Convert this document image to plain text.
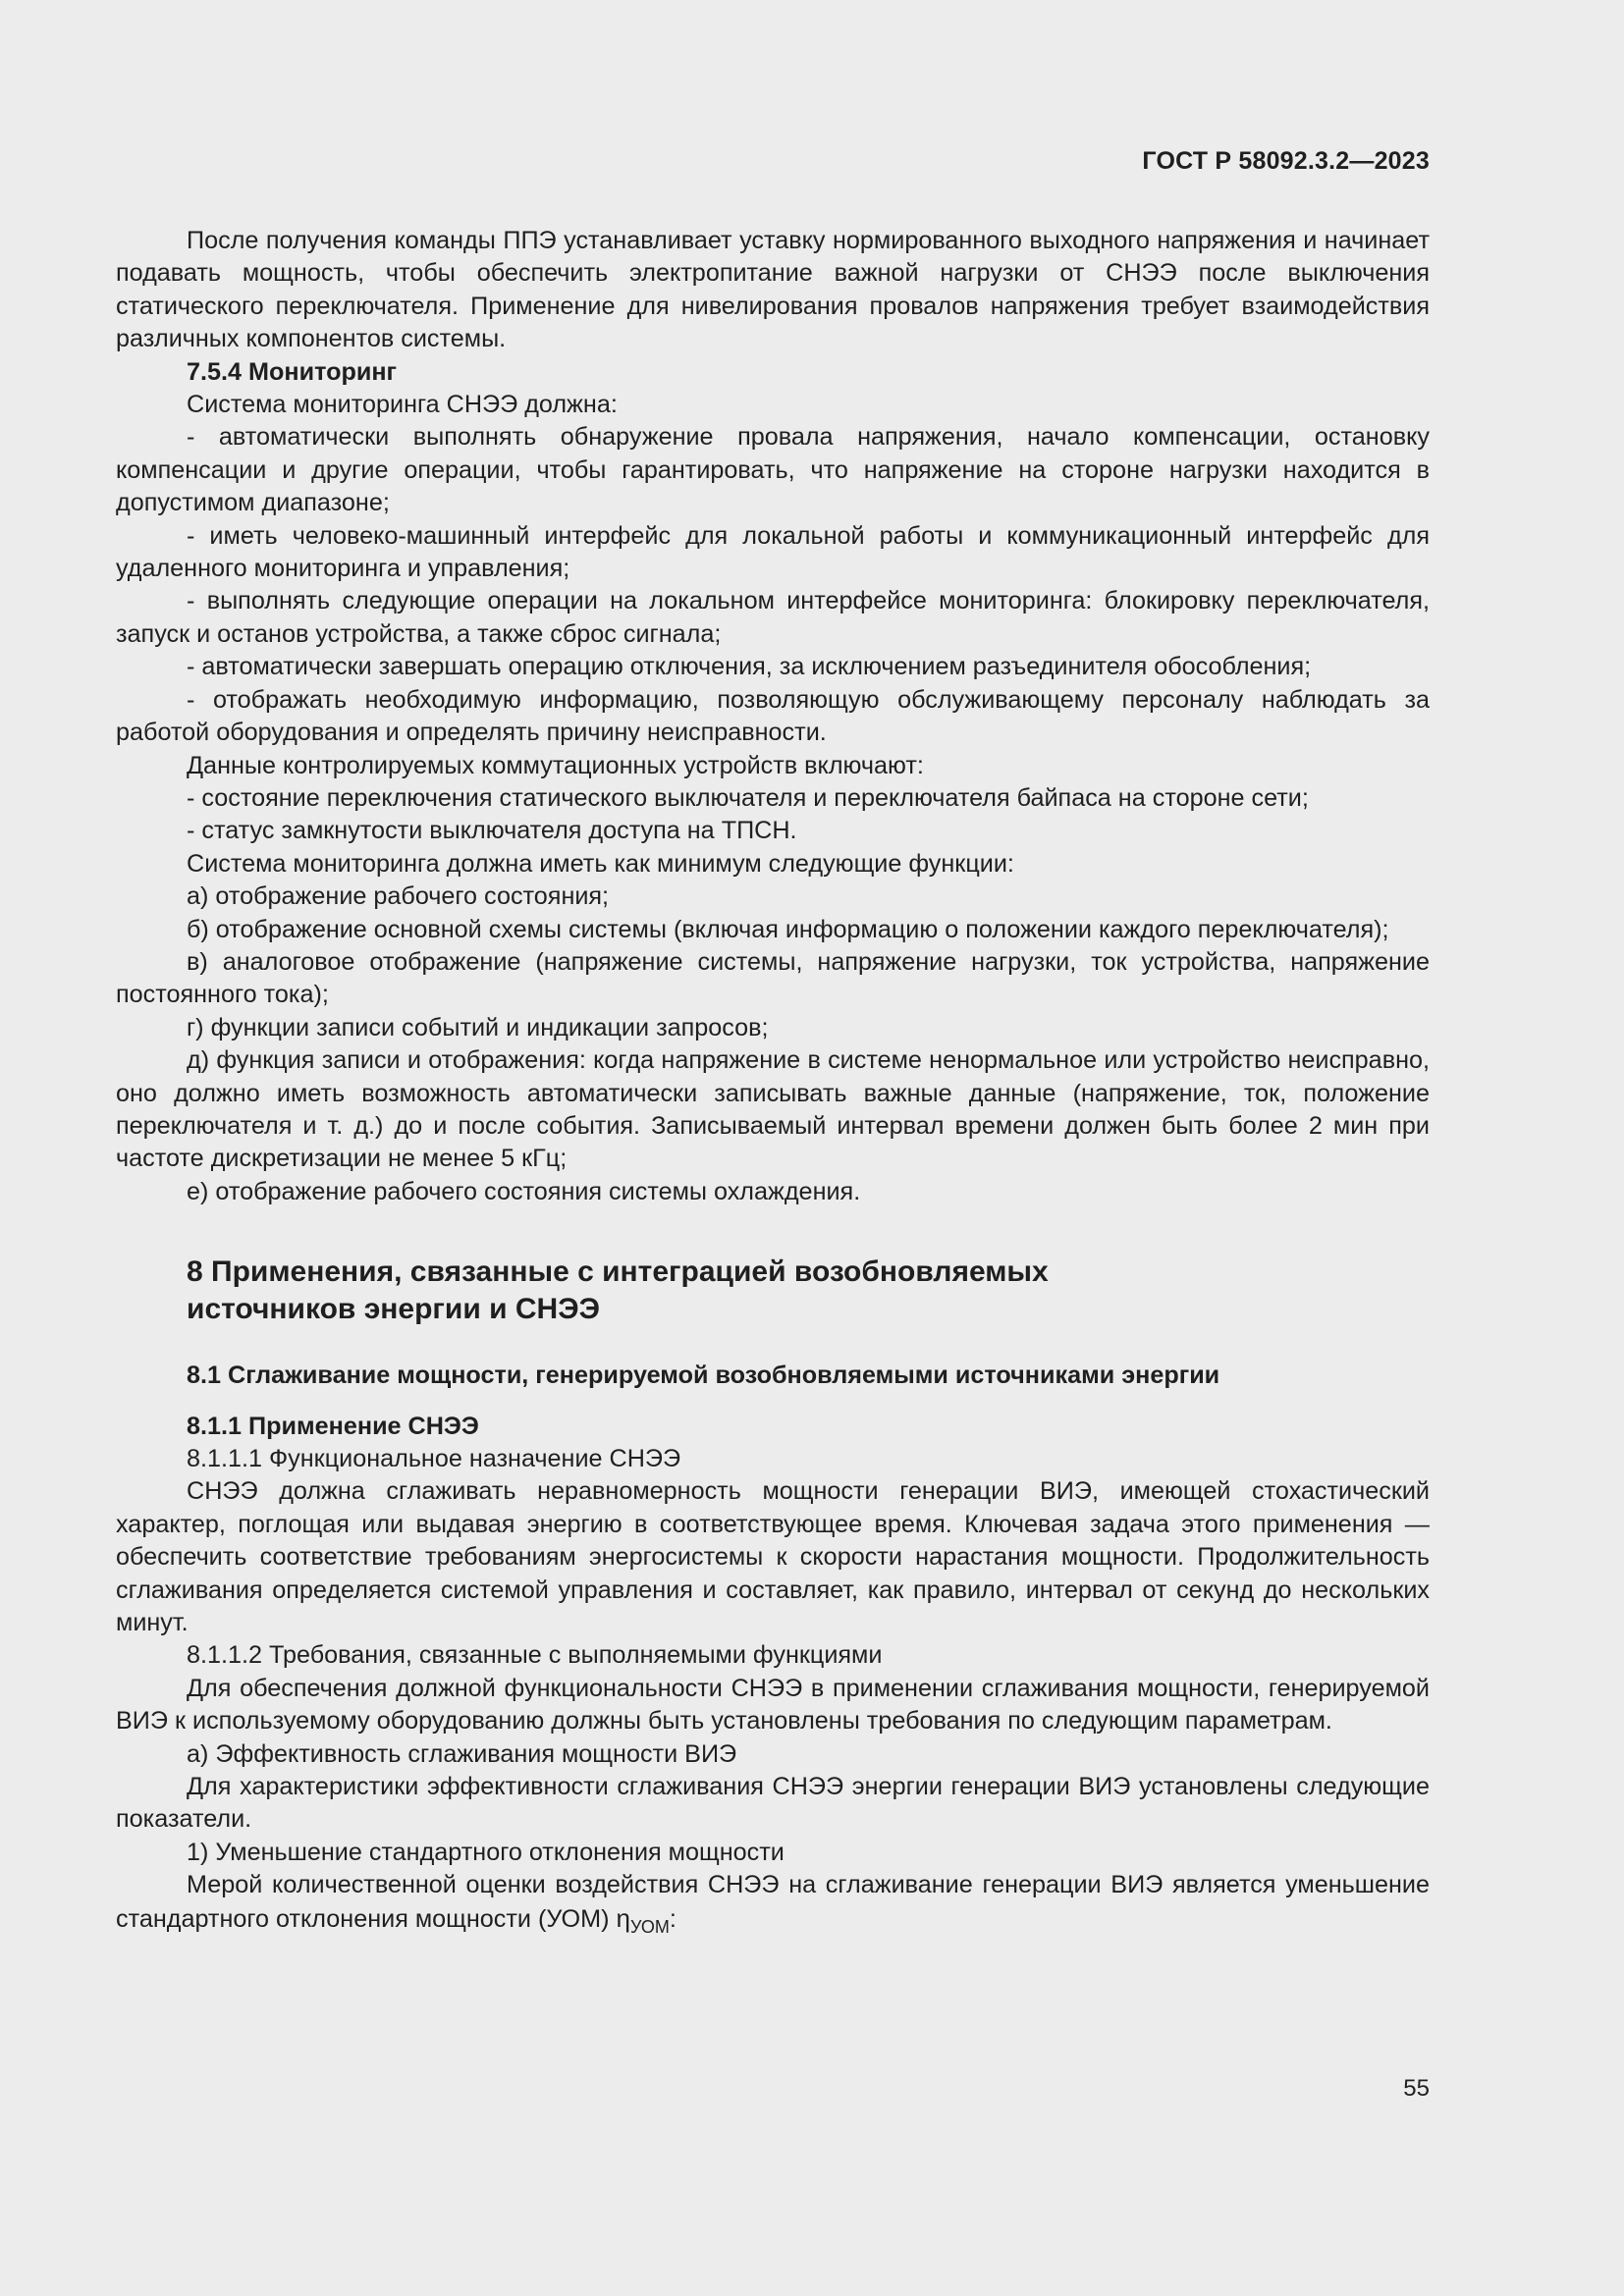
ГОСТ Р 58092.3.2—2023

После получения команды ППЭ устанавливает уставку нормированного выходного напряжения и начинает подавать мощность, чтобы обеспечить электропитание важной нагрузки от СНЭЭ после выключения статического переключателя. Применение для нивелирования провалов напряжения требует взаимодействия различных компонентов системы.

7.5.4 Мониторинг

Система мониторинга СНЭЭ должна:

- автоматически выполнять обнаружение провала напряжения, начало компенсации, остановку компенсации и другие операции, чтобы гарантировать, что напряжение на стороне нагрузки находится в допустимом диапазоне;

- иметь человеко-машинный интерфейс для локальной работы и коммуникационный интерфейс для удаленного мониторинга и управления;

- выполнять следующие операции на локальном интерфейсе мониторинга: блокировку переключателя, запуск и останов устройства, а также сброс сигнала;

- автоматически завершать операцию отключения, за исключением разъединителя обособления;

- отображать необходимую информацию, позволяющую обслуживающему персоналу наблюдать за работой оборудования и определять причину неисправности.

Данные контролируемых коммутационных устройств включают:

- состояние переключения статического выключателя и переключателя байпаса на стороне сети;

- статус замкнутости выключателя доступа на ТПСН.

Система мониторинга должна иметь как минимум следующие функции:

а) отображение рабочего состояния;

б) отображение основной схемы системы (включая информацию о положении каждого переключателя);

в) аналоговое отображение (напряжение системы, напряжение нагрузки, ток устройства, напряжение постоянного тока);

г) функции записи событий и индикации запросов;

д) функция записи и отображения: когда напряжение в системе ненормальное или устройство неисправно, оно должно иметь возможность автоматически записывать важные данные (напряжение, ток, положение переключателя и т. д.) до и после события. Записываемый интервал времени должен быть более 2 мин при частоте дискретизации не менее 5 кГц;

е) отображение рабочего состояния системы охлаждения.

8 Применения, связанные с интеграцией возобновляемых
источников энергии и СНЭЭ

8.1 Сглаживание мощности, генерируемой возобновляемыми источниками энергии

8.1.1 Применение СНЭЭ

8.1.1.1 Функциональное назначение СНЭЭ

СНЭЭ должна сглаживать неравномерность мощности генерации ВИЭ, имеющей стохастический характер, поглощая или выдавая энергию в соответствующее время. Ключевая задача этого применения — обеспечить соответствие требованиям энергосистемы к скорости нарастания мощности. Продолжительность сглаживания определяется системой управления и составляет, как правило, интервал от секунд до нескольких минут.

8.1.1.2 Требования, связанные с выполняемыми функциями

Для обеспечения должной функциональности СНЭЭ в применении сглаживания мощности, генерируемой ВИЭ к используемому оборудованию должны быть установлены требования по следующим параметрам.

а) Эффективность сглаживания мощности ВИЭ

Для характеристики эффективности сглаживания СНЭЭ энергии генерации ВИЭ установлены следующие показатели.

1) Уменьшение стандартного отклонения мощности

Мерой количественной оценки воздействия СНЭЭ на сглаживание генерации ВИЭ является уменьшение стандартного отклонения мощности (УОМ) $\eta_{УОМ}$:

55
